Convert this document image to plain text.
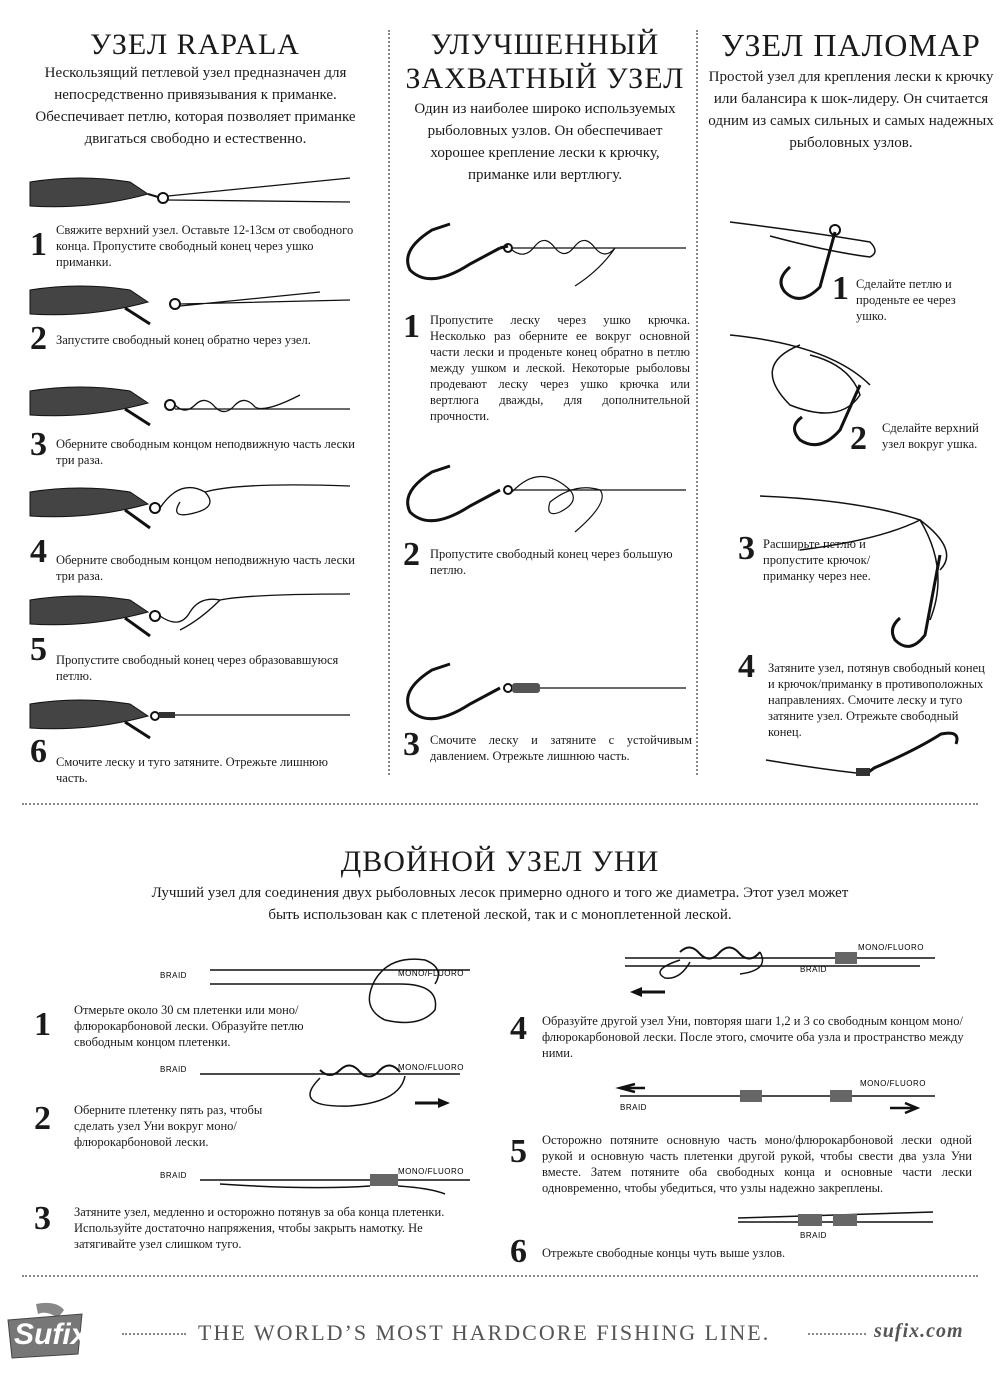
УЗЕЛ RAPALA
Нескользящий петлевой узел предназначен для непосредственно привязывания к приманке. Обеспечивает петлю, которая позволяет приманке двигаться свободно и естественно.
1 Свяжите верхний узел. Оставьте 12-13см от свободного конца. Пропустите свободный конец через ушко приманки.
2 Запустите свободный конец обратно через узел.
3 Оберните свободным концом неподвижную часть лески три раза.
4 Оберните свободным концом неподвижную часть лески три раза.
5 Пропустите свободный конец через образовавшуюся петлю.
6 Смочите леску и туго затяните. Отрежьте лишнюю часть.
УЛУЧШЕННЫЙ
ЗАХВАТНЫЙ УЗЕЛ
Один из наиболее широко используемых рыболовных узлов. Он обеспечивает хорошее крепление лески к крючку, приманке или вертлюгу.
1 Пропустите леску через ушко крючка. Несколько раз оберните ее вокруг основной части лески и проденьте конец обратно в петлю между ушком и леской. Некоторые рыболовы продевают леску через ушко крючка или вертлюга дважды, для дополнительной прочности.
2 Пропустите свободный конец через большую петлю.
3 Смочите леску и затяните с устойчивым давлением. Отрежьте лишнюю часть.
УЗЕЛ ПАЛОМАР
Простой узел для крепления лески к крючку или балансира к шок-лидеру. Он считается одним из самых сильных и самых надежных рыболовных узлов.
1 Сделайте петлю и проденьте ее через ушко.
2 Сделайте верхний узел вокруг ушка.
3 Расширьте петлю и пропустите крючок/приманку через нее.
4 Затяните узел, потянув свободный конец и крючок/приманку в противоположных направлениях. Смочите леску и туго затяните узел. Отрежьте свободный конец.
ДВОЙНОЙ УЗЕЛ УНИ
Лучший узел для соединения двух рыболовных лесок примерно одного и того же диаметра. Этот узел может быть использован как с плетеной леской, так и с моноплетенной леской.
BRAID	MONO/FLUORO
1 Отмерьте около 30 см плетенки или моно/флюрокарбоновой лески. Образуйте петлю свободным концом плетенки.
BRAID	MONO/FLUORO
2 Оберните плетенку пять раз, чтобы сделать узел Уни вокруг моно/флюрокарбоновой лески.
BRAID	MONO/FLUORO
3 Затяните узел, медленно и осторожно потянув за оба конца плетенки. Используйте достаточно напряжения, чтобы закрыть намотку. Не затягивайте узел слишком туго.
MONO/FLUORO
BRAID
4 Образуйте другой узел Уни, повторяя шаги 1,2 и 3 со свободным концом моно/флюрокарбоновой лески. После этого, смочите оба узла и пространство между ними.
MONO/FLUORO
BRAID
5 Осторожно потяните основную часть моно/флюрокарбоновой лески одной рукой и основную часть плетенки другой рукой, чтобы свести два узла Уни вместе. Затем потяните оба свободных конца и основные части лески одновременно, чтобы убедиться, что узлы надежно закреплены.
BRAID
6 Отрежьте свободные концы чуть выше узлов.
Sufix	THE WORLD’S MOST HARDCORE FISHING LINE.	sufix.com
